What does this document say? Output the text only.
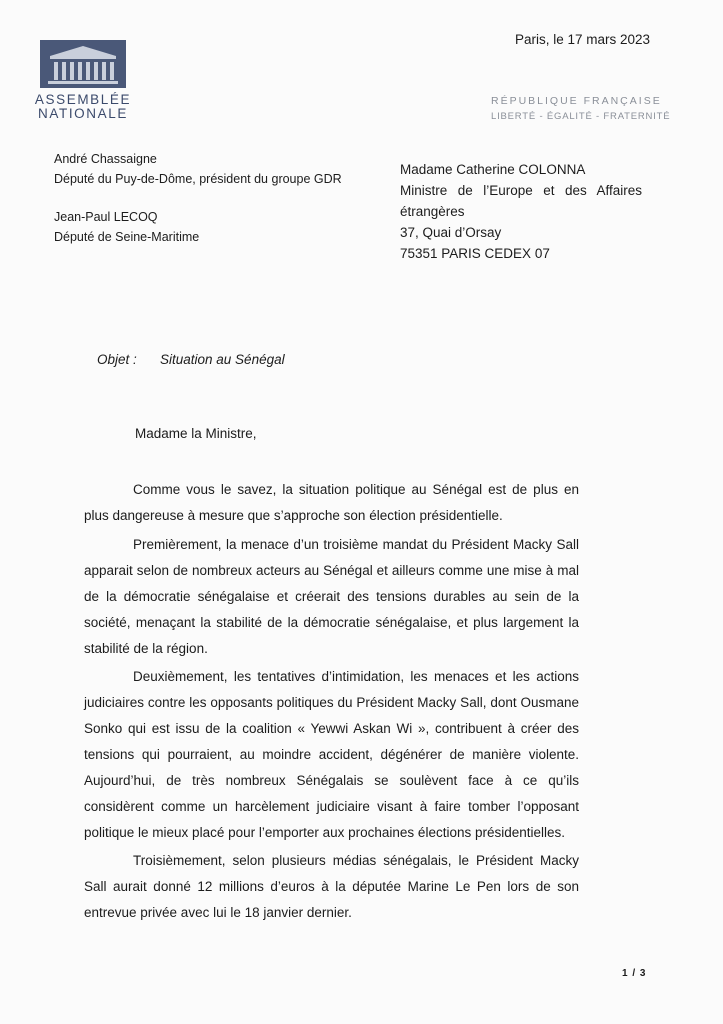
ASSEMBLÉE
NATIONALE
Paris, le 17 mars 2023
RÉPUBLIQUE FRANÇAISE
LIBERTÉ - ÉGALITÉ - FRATERNITÉ
André Chassaigne
Député du Puy-de-Dôme, président du groupe GDR
Jean-Paul LECOQ
Député de Seine-Maritime
Madame Catherine COLONNA
Ministre de l’Europe et des Affaires
étrangères
37, Quai d’Orsay
75351 PARIS CEDEX 07
Objet : Situation au Sénégal
Madame la Ministre,

Comme vous le savez, la situation politique au Sénégal est de plus en plus dangereuse à mesure que s’approche son élection présidentielle.

Premièrement, la menace d’un troisième mandat du Président Macky Sall apparait selon de nombreux acteurs au Sénégal et ailleurs comme une mise à mal de la démocratie sénégalaise et créerait des tensions durables au sein de la société, menaçant la stabilité de la démocratie sénégalaise, et plus largement la stabilité de la région.

Deuxièmement, les tentatives d’intimidation, les menaces et les actions judiciaires contre les opposants politiques du Président Macky Sall, dont Ousmane Sonko qui est issu de la coalition « Yewwi Askan Wi », contribuent à créer des tensions qui pourraient, au moindre accident, dégénérer de manière violente. Aujourd’hui, de très nombreux Sénégalais se soulèvent face à ce qu’ils considèrent comme un harcèlement judiciaire visant à faire tomber l’opposant politique le mieux placé pour l’emporter aux prochaines élections présidentielles.

Troisièmement, selon plusieurs médias sénégalais, le Président Macky Sall aurait donné 12 millions d’euros à la députée Marine Le Pen lors de son entrevue privée avec lui le 18 janvier dernier.

1 / 3
